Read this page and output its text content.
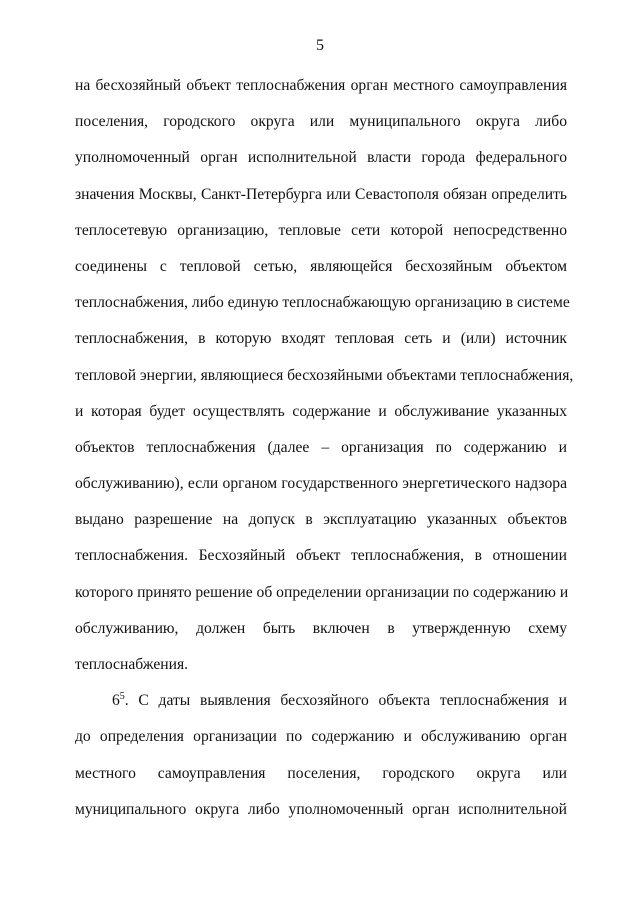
5
на бесхозяйный объект теплоснабжения орган местного самоуправления
поселения, городского округа или муниципального округа либо
уполномоченный орган исполнительной власти города федерального
значения Москвы, Санкт-Петербурга или Севастополя обязан определить
теплосетевую организацию, тепловые сети которой непосредственно
соединены с тепловой сетью, являющейся бесхозяйным объектом
теплоснабжения, либо единую теплоснабжающую организацию в системе
теплоснабжения, в которую входят тепловая сеть и (или) источник
тепловой энергии, являющиеся бесхозяйными объектами теплоснабжения,
и которая будет осуществлять содержание и обслуживание указанных
объектов теплоснабжения (далее – организация по содержанию и
обслуживанию), если органом государственного энергетического надзора
выдано разрешение на допуск в эксплуатацию указанных объектов
теплоснабжения. Бесхозяйный объект теплоснабжения, в отношении
которого принято решение об определении организации по содержанию и
обслуживанию, должен быть включен в утвержденную схему
теплоснабжения.
$6^5$. С даты выявления бесхозяйного объекта теплоснабжения и
до определения организации по содержанию и обслуживанию орган
местного самоуправления поселения, городского округа или
муниципального округа либо уполномоченный орган исполнительной
